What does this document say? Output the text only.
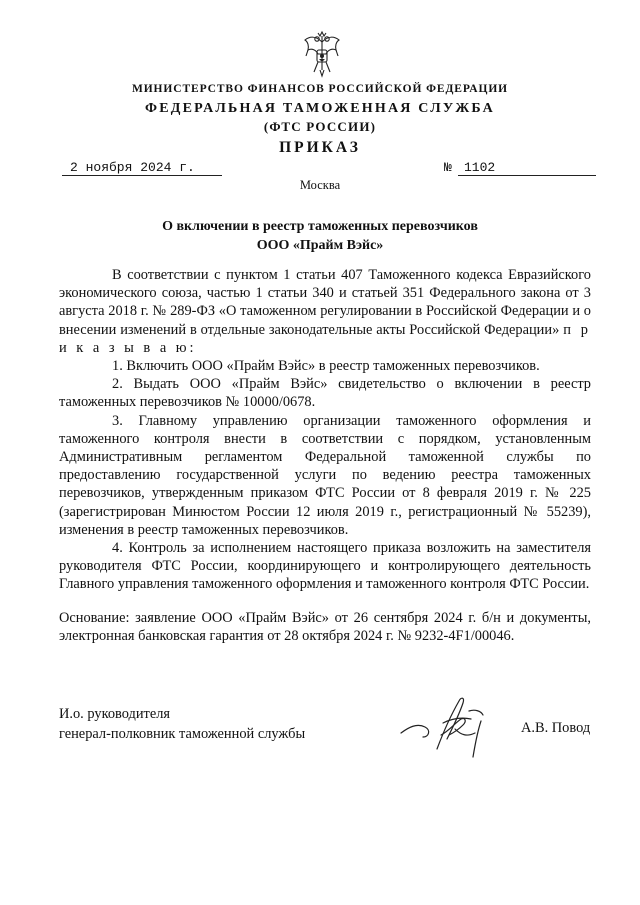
МИНИСТЕРСТВО ФИНАНСОВ РОССИЙСКОЙ ФЕДЕРАЦИИ
ФЕДЕРАЛЬНАЯ ТАМОЖЕННАЯ СЛУЖБА
(ФТС РОССИИ)
ПРИКАЗ
2 ноября 2024 г.	№ 1102
Москва
О включении в реестр таможенных перевозчиков
ООО «Прайм Вэйс»

В соответствии с пунктом 1 статьи 407 Таможенного кодекса Евразийского экономического союза, частью 1 статьи 340 и статьей 351 Федерального закона от 3 августа 2018 г. № 289-ФЗ «О таможенном регулировании в Российской Федерации и о внесении изменений в отдельные законодательные акты Российской Федерации» п р и к а з ы в а ю:

1. Включить ООО «Прайм Вэйс» в реестр таможенных перевозчиков.

2. Выдать ООО «Прайм Вэйс» свидетельство о включении в реестр таможенных перевозчиков № 10000/0678.

3. Главному управлению организации таможенного оформления и таможенного контроля внести в соответствии с порядком, установленным Административным регламентом Федеральной таможенной службы по предоставлению государственной услуги по ведению реестра таможенных перевозчиков, утвержденным приказом ФТС России от 8 февраля 2019 г. № 225 (зарегистрирован Минюстом России 12 июля 2019 г., регистрационный № 55239), изменения в реестр таможенных перевозчиков.

4. Контроль за исполнением настоящего приказа возложить на заместителя руководителя ФТС России, координирующего и контролирующего деятельность Главного управления таможенного оформления и таможенного контроля ФТС России.

Основание: заявление ООО «Прайм Вэйс» от 26 сентября 2024 г. б/н и документы, электронная банковская гарантия от 28 октября 2024 г. № 9232-4F1/00046.

И.о. руководителя
генерал-полковник таможенной службы	А.В. Повод
